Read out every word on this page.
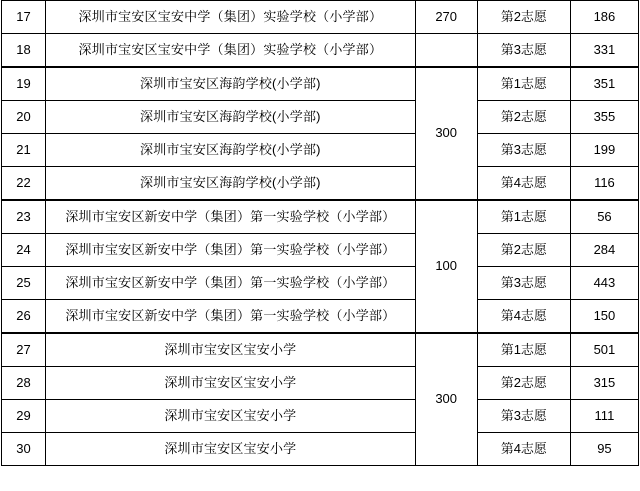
17	深圳市宝安区宝安中学（集团）实验学校（小学部）	270	第2志愿	186
18	深圳市宝安区宝安中学（集团）实验学校（小学部）		第3志愿	331
19	深圳市宝安区海韵学校(小学部)	300	第1志愿	351
20	深圳市宝安区海韵学校(小学部)		第2志愿	355
21	深圳市宝安区海韵学校(小学部)		第3志愿	199
22	深圳市宝安区海韵学校(小学部)		第4志愿	116
23	深圳市宝安区新安中学（集团）第一实验学校（小学部）	100	第1志愿	56
24	深圳市宝安区新安中学（集团）第一实验学校（小学部）		第2志愿	284
25	深圳市宝安区新安中学（集团）第一实验学校（小学部）		第3志愿	443
26	深圳市宝安区新安中学（集团）第一实验学校（小学部）		第4志愿	150
27	深圳市宝安区宝安小学	300	第1志愿	501
28	深圳市宝安区宝安小学		第2志愿	315
29	深圳市宝安区宝安小学		第3志愿	111
30	深圳市宝安区宝安小学		第4志愿	95
